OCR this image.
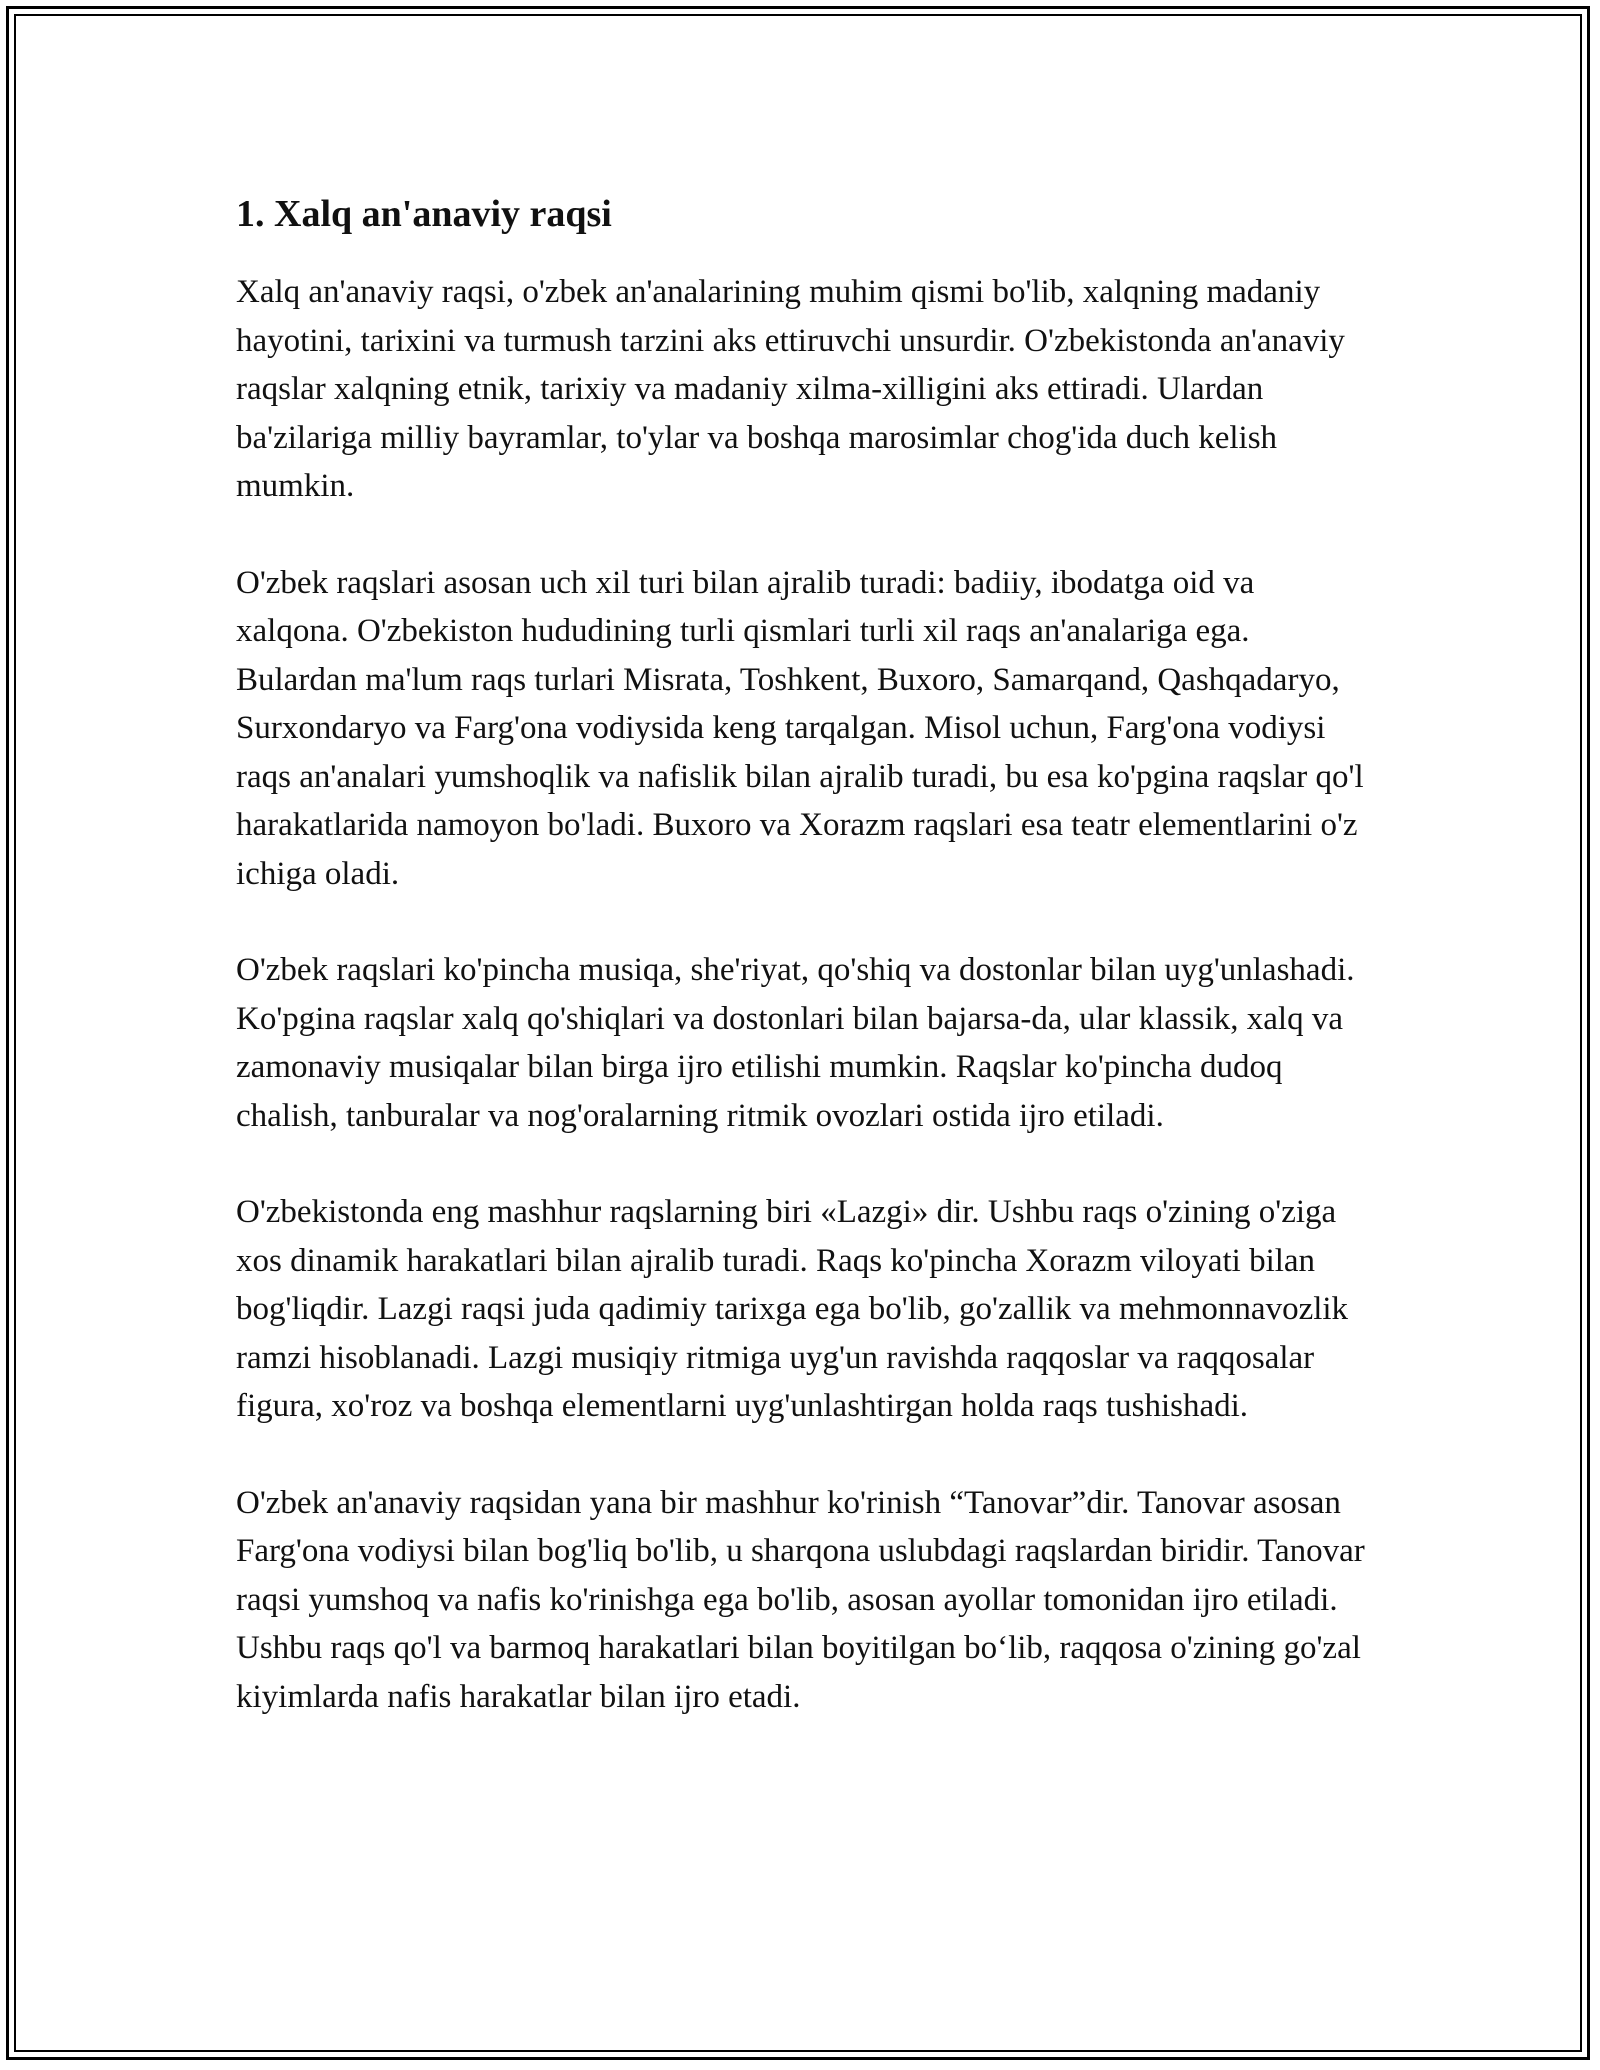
1. Xalq an'anaviy raqsi

Xalq an'anaviy raqsi, o'zbek an'analarining muhim qismi bo'lib, xalqning madaniy hayotini, tarixini va turmush tarzini aks ettiruvchi unsurdir. O'zbekistonda an'anaviy raqslar xalqning etnik, tarixiy va madaniy xilma-xilligini aks ettiradi. Ulardan ba'zilariga milliy bayramlar, to'ylar va boshqa marosimlar chog'ida duch kelish mumkin.

O'zbek raqslari asosan uch xil turi bilan ajralib turadi: badiiy, ibodatga oid va xalqona. O'zbekiston hududining turli qismlari turli xil raqs an'analariga ega. Bulardan ma'lum raqs turlari Misrata, Toshkent, Buxoro, Samarqand, Qashqadaryo, Surxondaryo va Farg'ona vodiysida keng tarqalgan. Misol uchun, Farg'ona vodiysi raqs an'analari yumshoqlik va nafislik bilan ajralib turadi, bu esa ko'pgina raqslar qo'l harakatlarida namoyon bo'ladi. Buxoro va Xorazm raqslari esa teatr elementlarini o'z ichiga oladi.

O'zbek raqslari ko'pincha musiqa, she'riyat, qo'shiq va dostonlar bilan uyg'unlashadi. Ko'pgina raqslar xalq qo'shiqlari va dostonlari bilan bajarsa-da, ular klassik, xalq va zamonaviy musiqalar bilan birga ijro etilishi mumkin. Raqslar ko'pincha dudoq chalish, tanburalar va nog'oralarning ritmik ovozlari ostida ijro etiladi.

O'zbekistonda eng mashhur raqslarning biri «Lazgi» dir. Ushbu raqs o'zining o'ziga xos dinamik harakatlari bilan ajralib turadi. Raqs ko'pincha Xorazm viloyati bilan bog'liqdir. Lazgi raqsi juda qadimiy tarixga ega bo'lib, go'zallik va mehmonnavozlik ramzi hisoblanadi. Lazgi musiqiy ritmiga uyg'un ravishda raqqoslar va raqqosalar figura, xo'roz va boshqa elementlarni uyg'unlashtirgan holda raqs tushishadi.

O'zbek an'anaviy raqsidan yana bir mashhur ko'rinish “Tanovar”dir. Tanovar asosan Farg'ona vodiysi bilan bog'liq bo'lib, u sharqona uslubdagi raqslardan biridir. Tanovar raqsi yumshoq va nafis ko'rinishga ega bo'lib, asosan ayollar tomonidan ijro etiladi. Ushbu raqs qo'l va barmoq harakatlari bilan boyitilgan bo‘lib, raqqosa o'zining go'zal kiyimlarda nafis harakatlar bilan ijro etadi.
